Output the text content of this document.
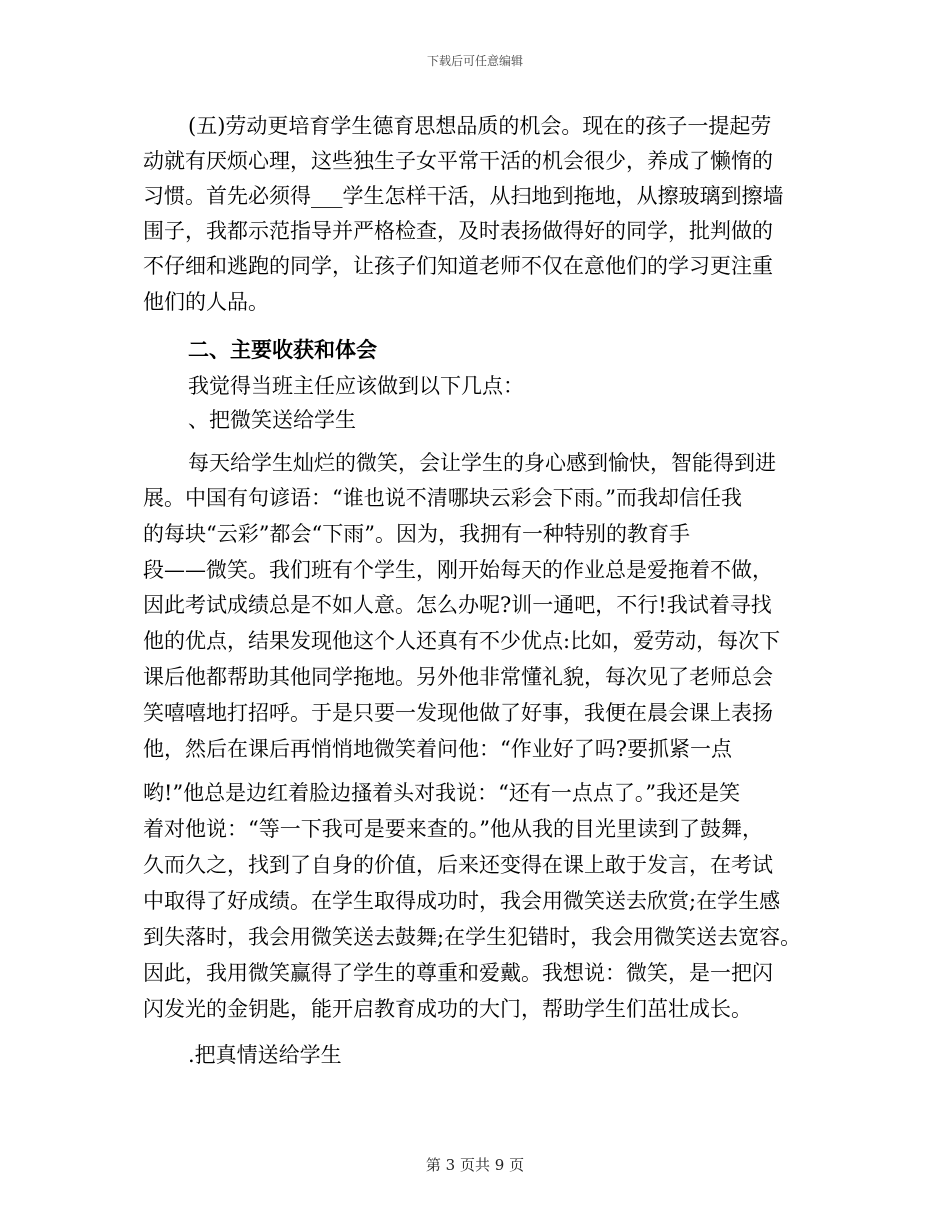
下载后可任意编辑
(五)劳动更培育学生德育思想品质的机会。现在的孩子一提起劳
动就有厌烦心理，这些独生子女平常干活的机会很少，养成了懒惰的
习惯。首先必须得___学生怎样干活，从扫地到拖地，从擦玻璃到擦墙
围子，我都示范指导并严格检查，及时表扬做得好的同学，批判做的
不仔细和逃跑的同学，让孩子们知道老师不仅在意他们的学习更注重
他们的人品。
二、主要收获和体会
我觉得当班主任应该做到以下几点：
、把微笑送给学生
每天给学生灿烂的微笑，会让学生的身心感到愉快，智能得到进
展。中国有句谚语：“谁也说不清哪块云彩会下雨。”而我却信任我
的每块“云彩”都会“下雨”。因为，我拥有一种特别的教育手
段——微笑。我们班有个学生，刚开始每天的作业总是爱拖着不做，
因此考试成绩总是不如人意。怎么办呢?训一通吧，不行!我试着寻找
他的优点，结果发现他这个人还真有不少优点:比如，爱劳动，每次下
课后他都帮助其他同学拖地。另外他非常懂礼貌，每次见了老师总会
笑嘻嘻地打招呼。于是只要一发现他做了好事，我便在晨会课上表扬
他，然后在课后再悄悄地微笑着问他：“作业好了吗?要抓紧一点
哟!”他总是边红着脸边搔着头对我说：“还有一点点了。”我还是笑
着对他说：“等一下我可是要来查的。”他从我的目光里读到了鼓舞，
久而久之，找到了自身的价值，后来还变得在课上敢于发言，在考试
中取得了好成绩。在学生取得成功时，我会用微笑送去欣赏;在学生感
到失落时，我会用微笑送去鼓舞;在学生犯错时，我会用微笑送去宽容。
因此，我用微笑赢得了学生的尊重和爱戴。我想说：微笑，是一把闪
闪发光的金钥匙，能开启教育成功的大门，帮助学生们茁壮成长。
.把真情送给学生
第 3 页共 9 页
